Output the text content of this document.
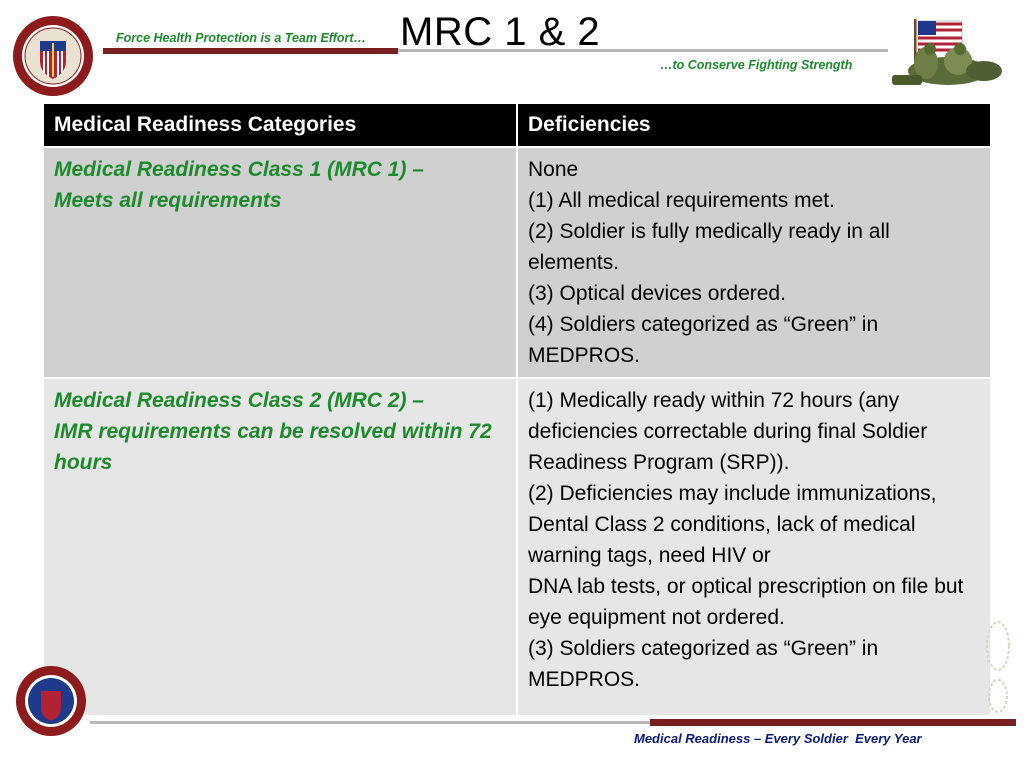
Force Health Protection is a Team Effort… MRC 1 & 2
…to Conserve Fighting Strength
Medical Readiness Categories	Deficiencies

Medical Readiness Class 1 (MRC 1) –
Meets all requirements	None
(1) All medical requirements met.
(2) Soldier is fully medically ready in all elements.
(3) Optical devices ordered.
(4) Soldiers categorized as “Green” in MEDPROS.

Medical Readiness Class 2 (MRC 2) –
IMR requirements can be resolved within 72 hours	(1) Medically ready within 72 hours (any deficiencies correctable during final Soldier Readiness Program (SRP)).
(2) Deficiencies may include immunizations, Dental Class 2 conditions, lack of medical warning tags, need HIV or
DNA lab tests, or optical prescription on file but eye equipment not ordered.
(3) Soldiers categorized as “Green” in MEDPROS.
Medical Readiness – Every Soldier  Every Year
